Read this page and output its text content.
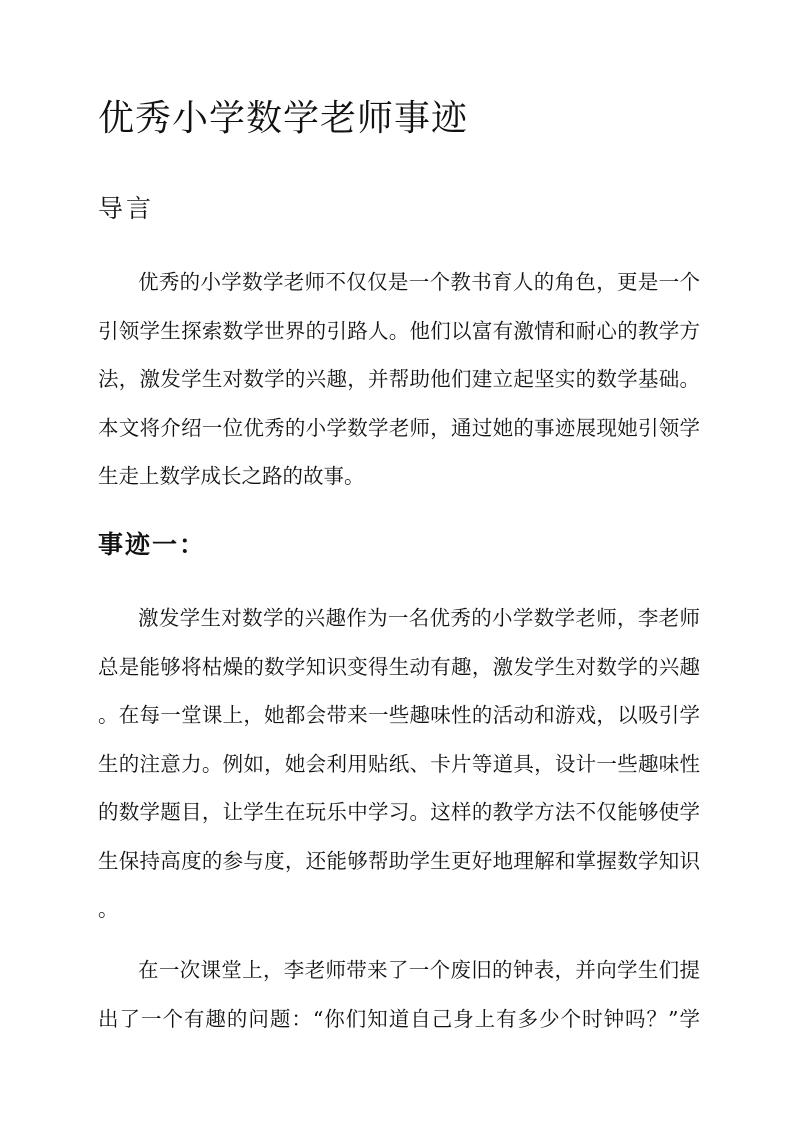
优秀小学数学老师事迹
导言
优秀的小学数学老师不仅仅是一个教书育人的角色，更是一个
引领学生探索数学世界的引路人。他们以富有激情和耐心的教学方
法，激发学生对数学的兴趣，并帮助他们建立起坚实的数学基础。
本文将介绍一位优秀的小学数学老师，通过她的事迹展现她引领学
生走上数学成长之路的故事。
事迹一：
激发学生对数学的兴趣作为一名优秀的小学数学老师，李老师
总是能够将枯燥的数学知识变得生动有趣，激发学生对数学的兴趣
。在每一堂课上，她都会带来一些趣味性的活动和游戏，以吸引学
生的注意力。例如，她会利用贴纸、卡片等道具，设计一些趣味性
的数学题目，让学生在玩乐中学习。这样的教学方法不仅能够使学
生保持高度的参与度，还能够帮助学生更好地理解和掌握数学知识
。
在一次课堂上，李老师带来了一个废旧的钟表，并向学生们提
出了一个有趣的问题：“你们知道自己身上有多少个时钟吗？”学
